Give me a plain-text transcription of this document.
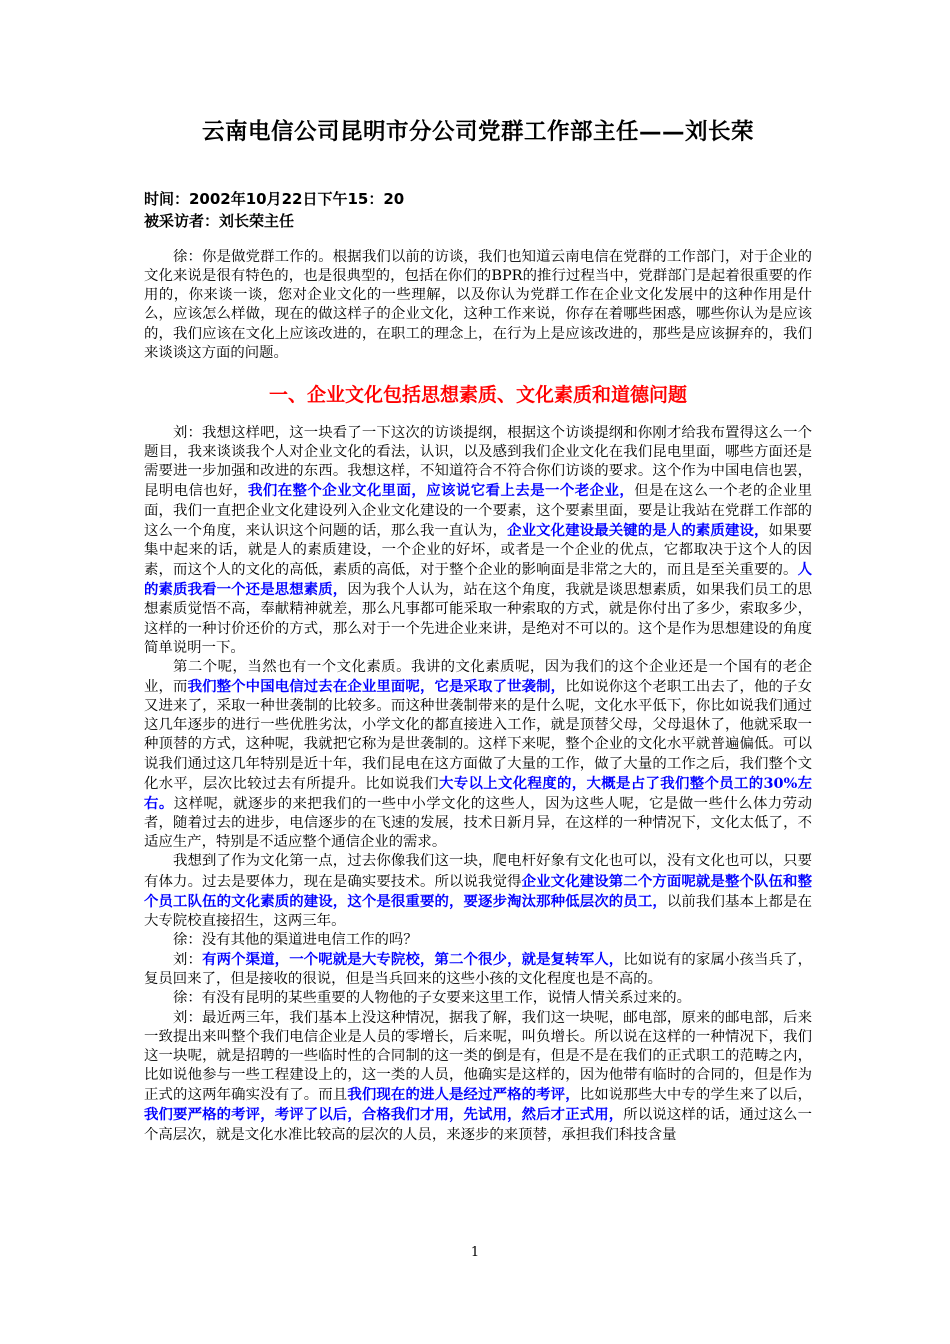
云南电信公司昆明市分公司党群工作部主任——刘长荣

时间：2002年10月22日下午15：20

被采访者：刘长荣主任

徐：你是做党群工作的。根据我们以前的访谈，我们也知道云南电信在党群的工作部门，对于企业的文化来说是很有特色的，也是很典型的，包括在你们的BPR的推行过程当中，党群部门是起着很重要的作用的，你来谈一谈，您对企业文化的一些理解，以及你认为党群工作在企业文化发展中的这种作用是什么，应该怎么样做，现在的做这样子的企业文化，这种工作来说，你存在着哪些困惑，哪些你认为是应该的，我们应该在文化上应该改进的，在职工的理念上，在行为上是应该改进的，那些是应该摒弃的，我们来谈谈这方面的问题。

一、企业文化包括思想素质、文化素质和道德问题

刘：我想这样吧，这一块看了一下这次的访谈提纲，根据这个访谈提纲和你刚才给我布置得这么一个题目，我来谈谈我个人对企业文化的看法，认识，以及感到我们企业文化在我们昆电里面，哪些方面还是需要进一步加强和改进的东西。我想这样，不知道符合不符合你们访谈的要求。这个作为中国电信也罢，昆明电信也好，我们在整个企业文化里面，应该说它看上去是一个老企业，但是在这么一个老的企业里面，我们一直把企业文化建设列入企业文化建设的一个要素，这个要素里面，要是让我站在党群工作部的这么一个角度，来认识这个问题的话，那么我一直认为，企业文化建设最关键的是人的素质建设，如果要集中起来的话，就是人的素质建设，一个企业的好坏，或者是一个企业的优点，它都取决于这个人的因素，而这个人的文化的高低，素质的高低，对于整个企业的影响面是非常之大的，而且是至关重要的。人的素质我看一个还是思想素质，因为我个人认为，站在这个角度，我就是谈思想素质，如果我们员工的思想素质觉悟不高，奉献精神就差，那么凡事都可能采取一种索取的方式，就是你付出了多少，索取多少，这样的一种讨价还价的方式，那么对于一个先进企业来讲，是绝对不可以的。这个是作为思想建设的角度简单说明一下。

第二个呢，当然也有一个文化素质。我讲的文化素质呢，因为我们的这个企业还是一个国有的老企业，而我们整个中国电信过去在企业里面呢，它是采取了世袭制，比如说你这个老职工出去了，他的子女又进来了，采取一种世袭制的比较多。而这种世袭制带来的是什么呢，文化水平低下，你比如说我们通过这几年逐步的进行一些优胜劣汰，小学文化的都直接进入工作，就是顶替父母，父母退休了，他就采取一种顶替的方式，这种呢，我就把它称为是世袭制的。这样下来呢，整个企业的文化水平就普遍偏低。可以说我们通过这几年特别是近十年，我们昆电在这方面做了大量的工作，做了大量的工作之后，我们整个文化水平，层次比较过去有所提升。比如说我们大专以上文化程度的，大概是占了我们整个员工的30%左右。这样呢，就逐步的来把我们的一些中小学文化的这些人，因为这些人呢，它是做一些什么体力劳动者，随着过去的进步，电信逐步的在飞速的发展，技术日新月异，在这样的一种情况下，文化太低了，不适应生产，特别是不适应整个通信企业的需求。

我想到了作为文化第一点，过去你像我们这一块，爬电杆好象有文化也可以，没有文化也可以，只要有体力。过去是要体力，现在是确实要技术。所以说我觉得企业文化建设第二个方面呢就是整个队伍和整个员工队伍的文化素质的建设，这个是很重要的，要逐步淘汰那种低层次的员工，以前我们基本上都是在大专院校直接招生，这两三年。

徐：没有其他的渠道进电信工作的吗？

刘：有两个渠道，一个呢就是大专院校，第二个很少，就是复转军人，比如说有的家属小孩当兵了，复员回来了，但是接收的很说，但是当兵回来的这些小孩的文化程度也是不高的。

徐：有没有昆明的某些重要的人物他的子女要来这里工作，说情人情关系过来的。

刘：最近两三年，我们基本上没这种情况，据我了解，我们这一块呢，邮电部，原来的邮电部，后来一致提出来叫整个我们电信企业是人员的零增长，后来呢，叫负增长。所以说在这样的一种情况下，我们这一块呢，就是招聘的一些临时性的合同制的这一类的倒是有，但是不是在我们的正式职工的范畴之内，比如说他参与一些工程建设上的，这一类的人员，他确实是这样的，因为他带有临时的合同的，但是作为正式的这两年确实没有了。而且我们现在的进人是经过严格的考评，比如说那些大中专的学生来了以后，我们要严格的考评，考评了以后，合格我们才用，先试用，然后才正式用，所以说这样的话，通过这么一个高层次，就是文化水准比较高的层次的人员，来逐步的来顶替，承担我们科技含量

1
